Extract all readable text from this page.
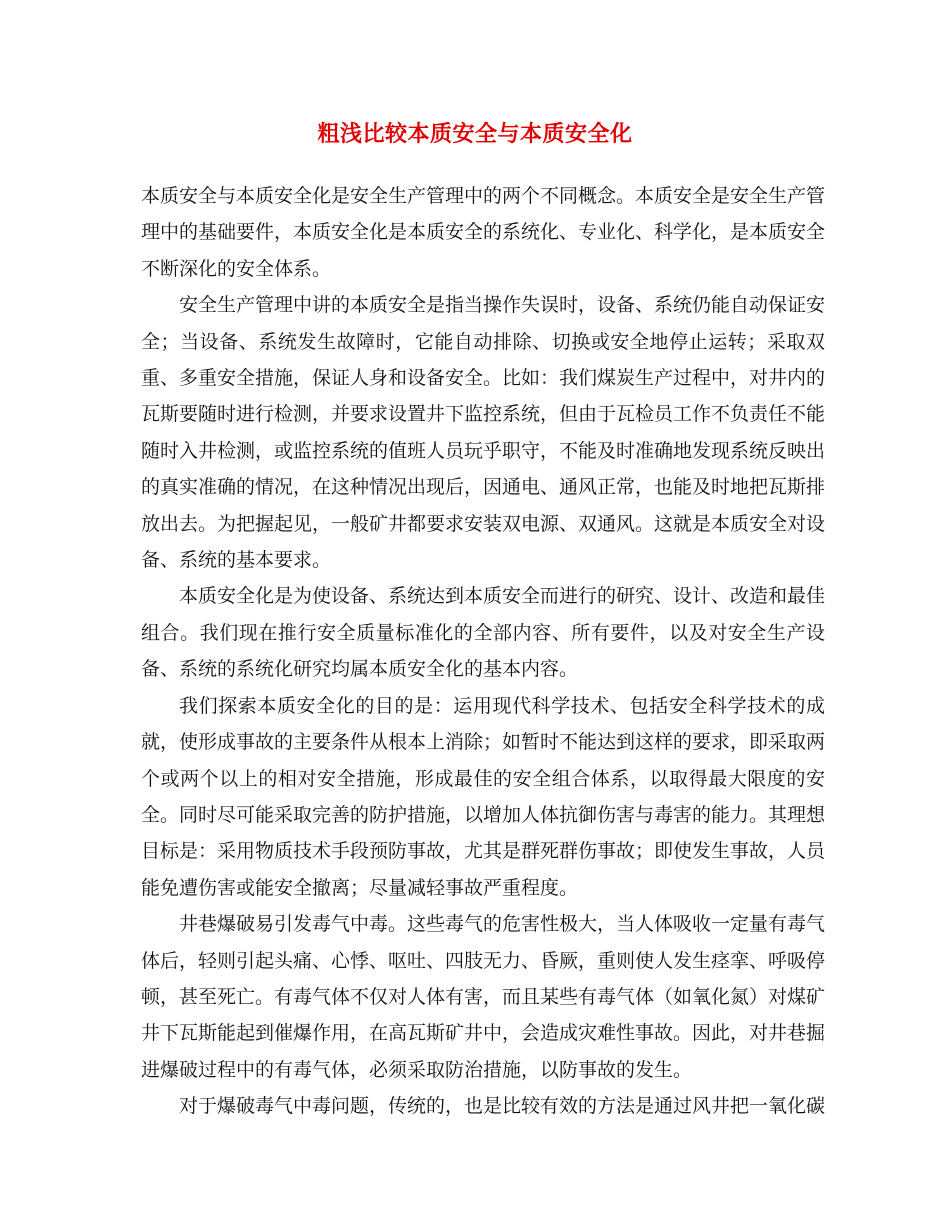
粗浅比较本质安全与本质安全化

本质安全与本质安全化是安全生产管理中的两个不同概念。本质安全是安全生产管理中的基础要件，本质安全化是本质安全的系统化、专业化、科学化，是本质安全不断深化的安全体系。

安全生产管理中讲的本质安全是指当操作失误时，设备、系统仍能自动保证安全；当设备、系统发生故障时，它能自动排除、切换或安全地停止运转；采取双重、多重安全措施，保证人身和设备安全。比如：我们煤炭生产过程中，对井内的瓦斯要随时进行检测，并要求设置井下监控系统，但由于瓦检员工作不负责任不能随时入井检测，或监控系统的值班人员玩乎职守，不能及时准确地发现系统反映出的真实准确的情况，在这种情况出现后，因通电、通风正常，也能及时地把瓦斯排放出去。为把握起见，一般矿井都要求安装双电源、双通风。这就是本质安全对设备、系统的基本要求。

本质安全化是为使设备、系统达到本质安全而进行的研究、设计、改造和最佳组合。我们现在推行安全质量标准化的全部内容、所有要件，以及对安全生产设备、系统的系统化研究均属本质安全化的基本内容。

我们探索本质安全化的目的是：运用现代科学技术、包括安全科学技术的成就，使形成事故的主要条件从根本上消除；如暂时不能达到这样的要求，即采取两个或两个以上的相对安全措施，形成最佳的安全组合体系，以取得最大限度的安全。同时尽可能采取完善的防护措施，以增加人体抗御伤害与毒害的能力。其理想目标是：采用物质技术手段预防事故，尤其是群死群伤事故；即使发生事故，人员能免遭伤害或能安全撤离；尽量减轻事故严重程度。

井巷爆破易引发毒气中毒。这些毒气的危害性极大，当人体吸收一定量有毒气体后，轻则引起头痛、心悸、呕吐、四肢无力、昏厥，重则使人发生痉挛、呼吸停顿，甚至死亡。有毒气体不仅对人体有害，而且某些有毒气体（如氧化氮）对煤矿井下瓦斯能起到催爆作用，在高瓦斯矿井中，会造成灾难性事故。因此，对井巷掘进爆破过程中的有毒气体，必须采取防治措施，以防事故的发生。

对于爆破毒气中毒问题，传统的，也是比较有效的方法是通过风井把一氧化碳
